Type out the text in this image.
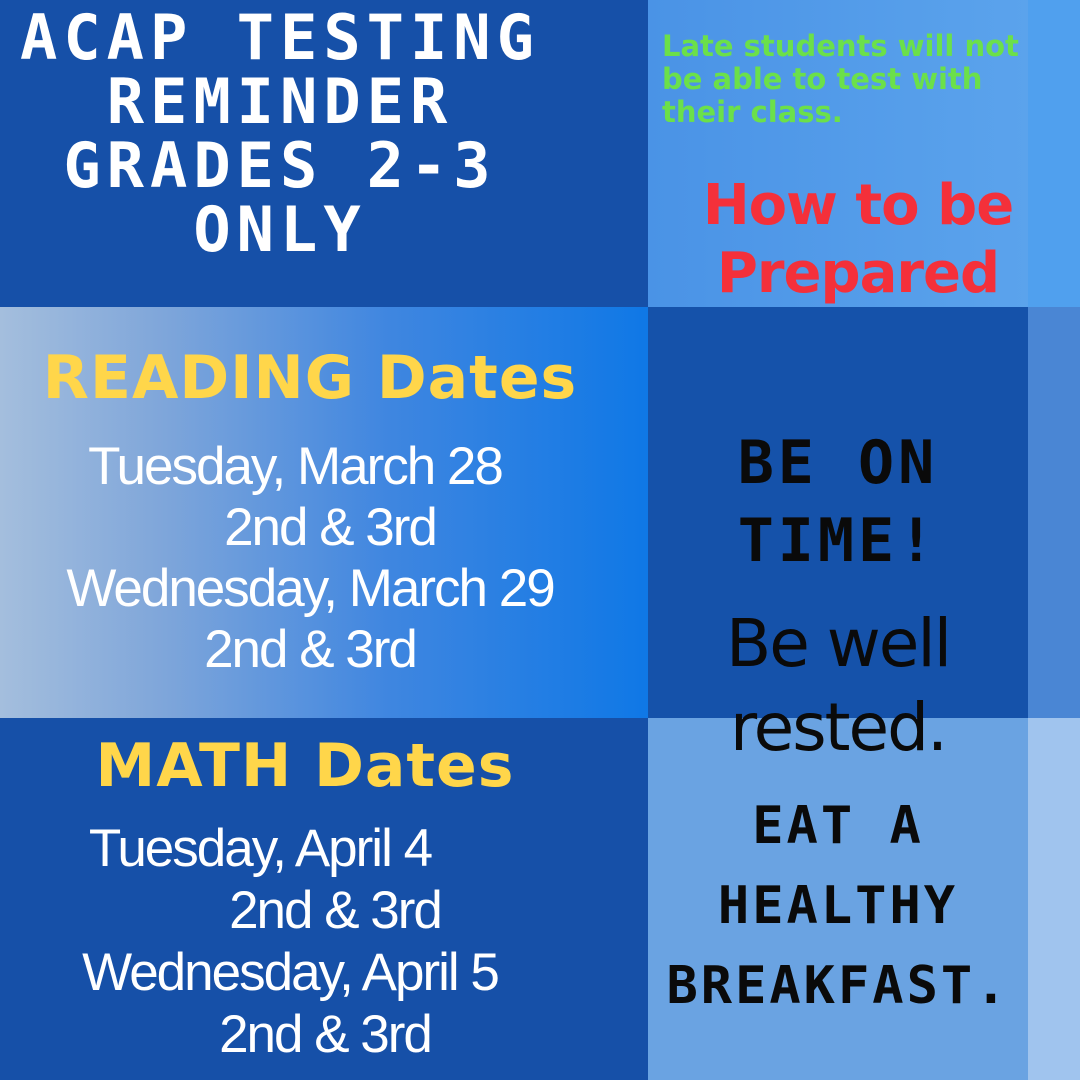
ACAP TESTING
REMINDER
GRADES 2-3
ONLY

Late students will not be able to test with their class.

How to be
Prepared
READING Dates
Tuesday, March 28
2nd & 3rd
Wednesday, March 29
2nd & 3rd
MATH Dates
Tuesday, April 4
2nd & 3rd
Wednesday, April 5
2nd & 3rd
BE ON
TIME!
Be well
rested.
EAT A
HEALTHY
BREAKFAST.
